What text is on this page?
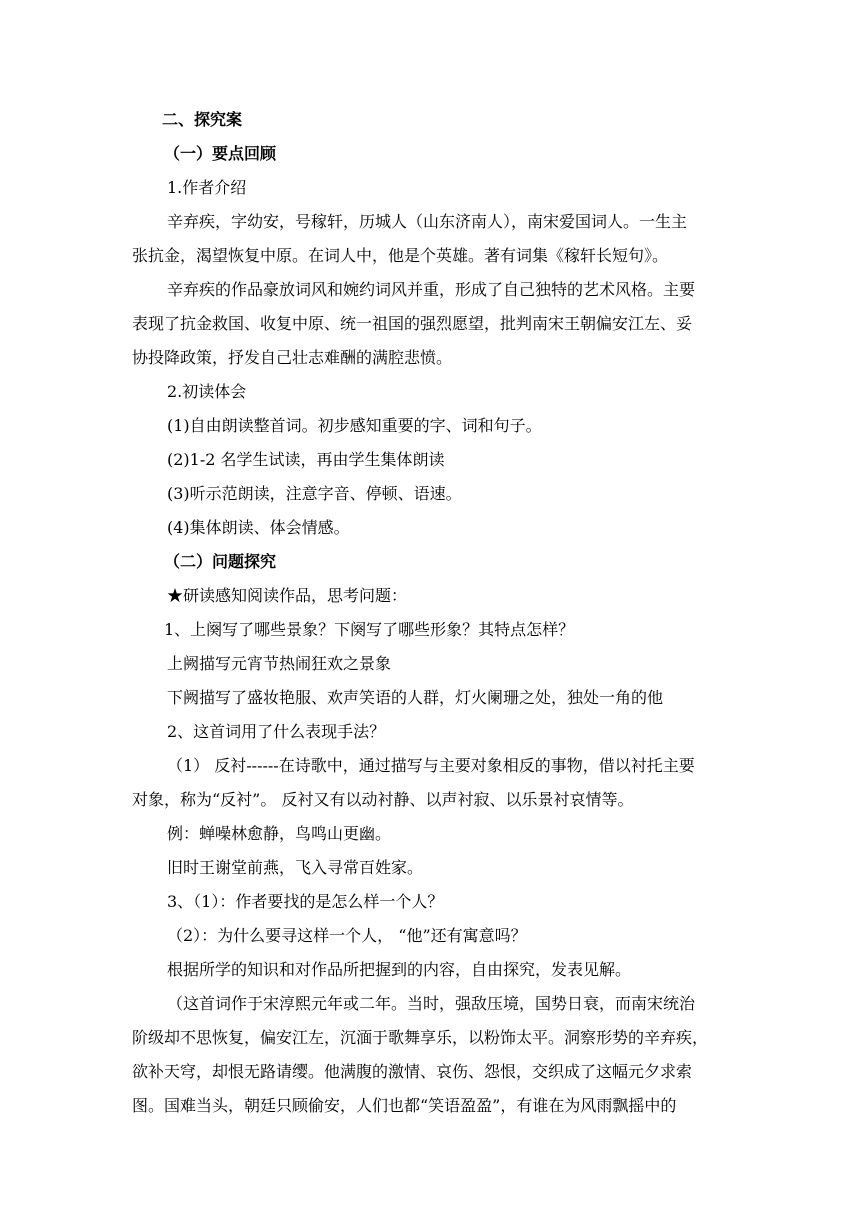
二、探究案

（一）要点回顾

1.作者介绍

辛弃疾，字幼安，号稼轩，历城人（山东济南人），南宋爱国词人。一生主

张抗金，渴望恢复中原。在词人中，他是个英雄。著有词集《稼轩长短句》。

辛弃疾的作品豪放词风和婉约词风并重，形成了自己独特的艺术风格。主要

表现了抗金救国、收复中原、统一祖国的强烈愿望，批判南宋王朝偏安江左、妥

协投降政策，抒发自己壮志难酬的满腔悲愤。

2.初读体会

(1)自由朗读整首词。初步感知重要的字、词和句子。

(2)1-2 名学生试读，再由学生集体朗读

(3)听示范朗读，注意字音、停顿、语速。

(4)集体朗读、体会情感。

（二）问题探究

★研读感知阅读作品，思考问题：

1、上阕写了哪些景象？下阕写了哪些形象？其特点怎样？

上阙描写元宵节热闹狂欢之景象

下阙描写了盛妆艳服、欢声笑语的人群，灯火阑珊之处，独处一角的他

2、这首词用了什么表现手法？

（1） 反衬------在诗歌中，通过描写与主要对象相反的事物，借以衬托主要

对象，称为“反衬”。 反衬又有以动衬静、以声衬寂、以乐景衬哀情等。

例：蝉噪林愈静，鸟鸣山更幽。

旧时王谢堂前燕，飞入寻常百姓家。

3、（1）：作者要找的是怎么样一个人？

（2）：为什么要寻这样一个人， “他”还有寓意吗？

根据所学的知识和对作品所把握到的内容，自由探究，发表见解。

（这首词作于宋淳熙元年或二年。当时，强敌压境，国势日衰，而南宋统治

阶级却不思恢复，偏安江左，沉湎于歌舞享乐，以粉饰太平。洞察形势的辛弃疾，

欲补天穹，却恨无路请缨。他满腹的激情、哀伤、怨恨，交织成了这幅元夕求索

图。国难当头，朝廷只顾偷安，人们也都“笑语盈盈”，有谁在为风雨飘摇中的
